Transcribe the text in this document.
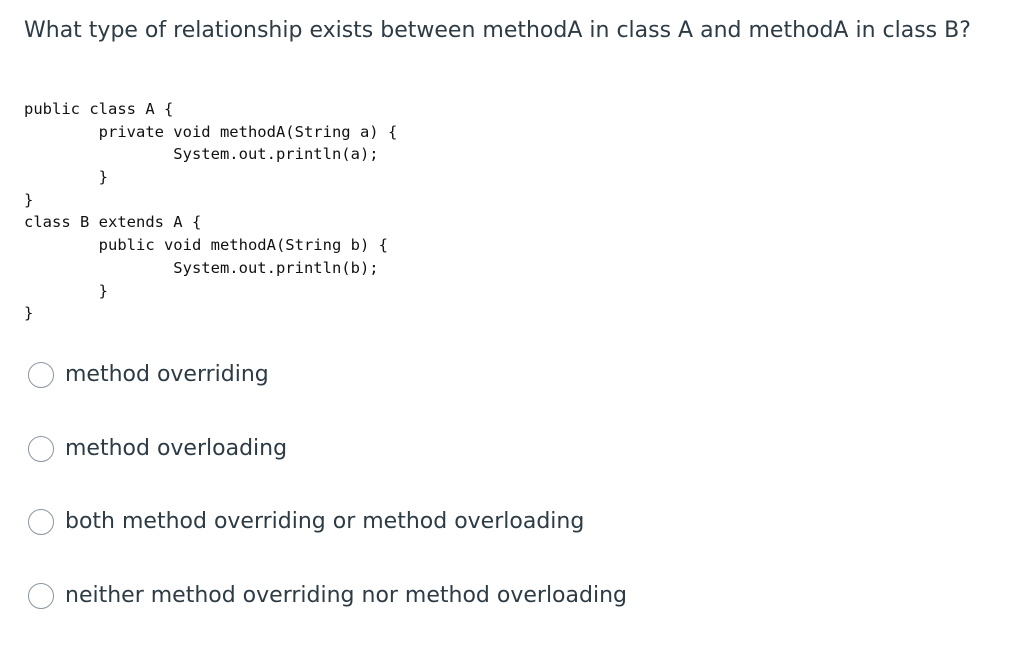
What type of relationship exists between methodA in class A and methodA in class B?
public class A {
private void methodA(String a) {
System.out.println(a);
}
}
class B extends A {
public void methodA(String b) {
System.out.println(b);
}
}
method overriding
method overloading
both method overriding or method overloading
neither method overriding nor method overloading
